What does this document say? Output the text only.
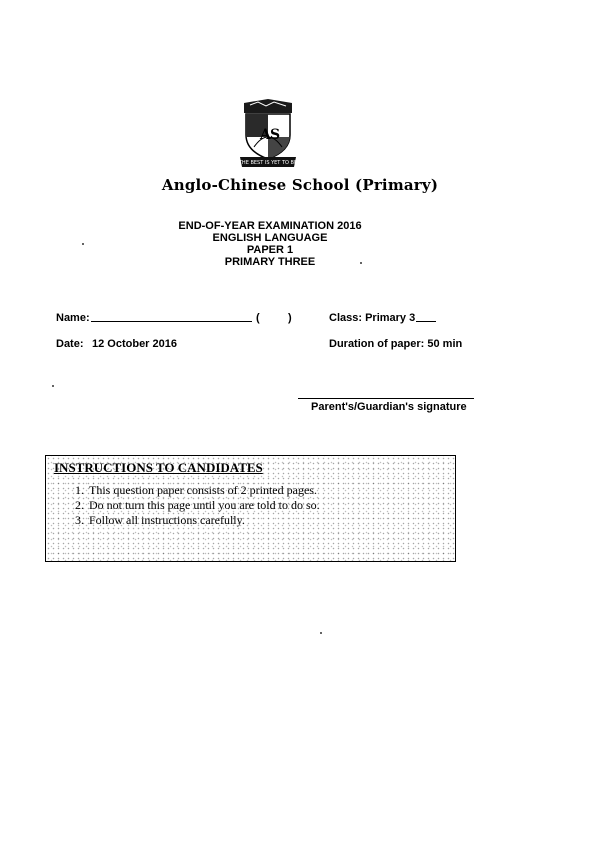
A S
THE BEST IS YET TO BE
Anglo-Chinese School (Primary)
END-OF-YEAR EXAMINATION 2016
ENGLISH LANGUAGE
PAPER 1
PRIMARY THREE
Name:	(	)	Class: Primary 3
Date: 12 October 2016	Duration of paper: 50 min
Parent's/Guardian's signature
INSTRUCTIONS TO CANDIDATES
1. This question paper consists of 2 printed pages.
2. Do not turn this page until you are told to do so.
3. Follow all instructions carefully.
